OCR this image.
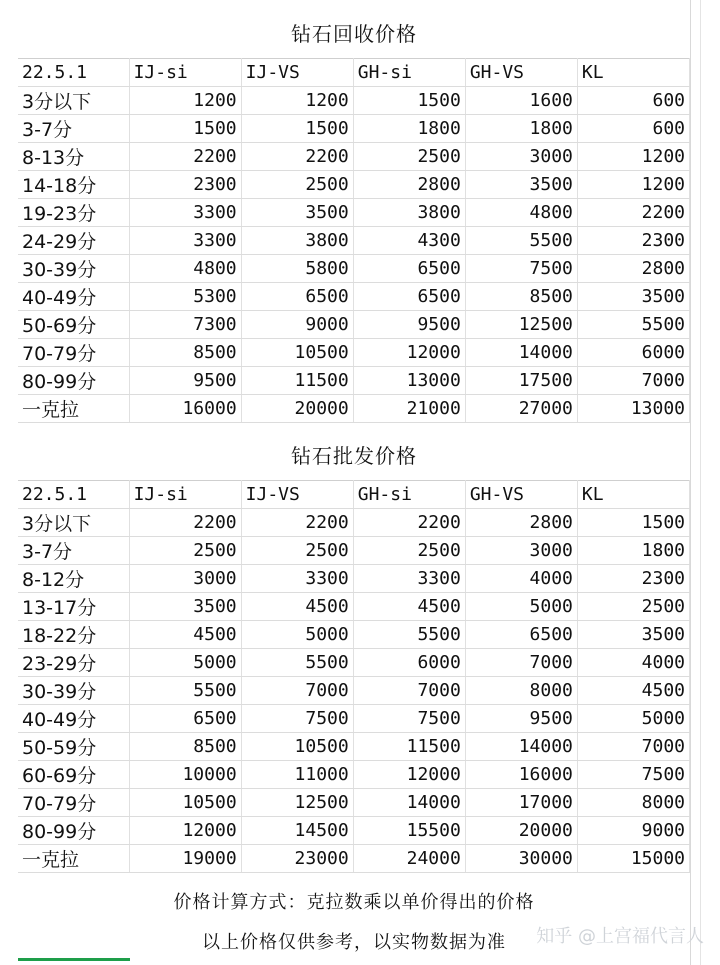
钻石回收价格
22.5.1	IJ-si	IJ-VS	GH-si	GH-VS	KL
3分以下	1200	1200	1500	1600	600
3-7分	1500	1500	1800	1800	600
8-13分	2200	2200	2500	3000	1200
14-18分	2300	2500	2800	3500	1200
19-23分	3300	3500	3800	4800	2200
24-29分	3300	3800	4300	5500	2300
30-39分	4800	5800	6500	7500	2800
40-49分	5300	6500	6500	8500	3500
50-69分	7300	9000	9500	12500	5500
70-79分	8500	10500	12000	14000	6000
80-99分	9500	11500	13000	17500	7000
一克拉	16000	20000	21000	27000	13000
钻石批发价格
22.5.1	IJ-si	IJ-VS	GH-si	GH-VS	KL
3分以下	2200	2200	2200	2800	1500
3-7分	2500	2500	2500	3000	1800
8-12分	3000	3300	3300	4000	2300
13-17分	3500	4500	4500	5000	2500
18-22分	4500	5000	5500	6500	3500
23-29分	5000	5500	6000	7000	4000
30-39分	5500	7000	7000	8000	4500
40-49分	6500	7500	7500	9500	5000
50-59分	8500	10500	11500	14000	7000
60-69分	10000	11000	12000	16000	7500
70-79分	10500	12500	14000	17000	8000
80-99分	12000	14500	15500	20000	9000
一克拉	19000	23000	24000	30000	15000
价格计算方式：克拉数乘以单价得出的价格
以上价格仅供参考，以实物数据为准	知乎 @上宫福代言人
